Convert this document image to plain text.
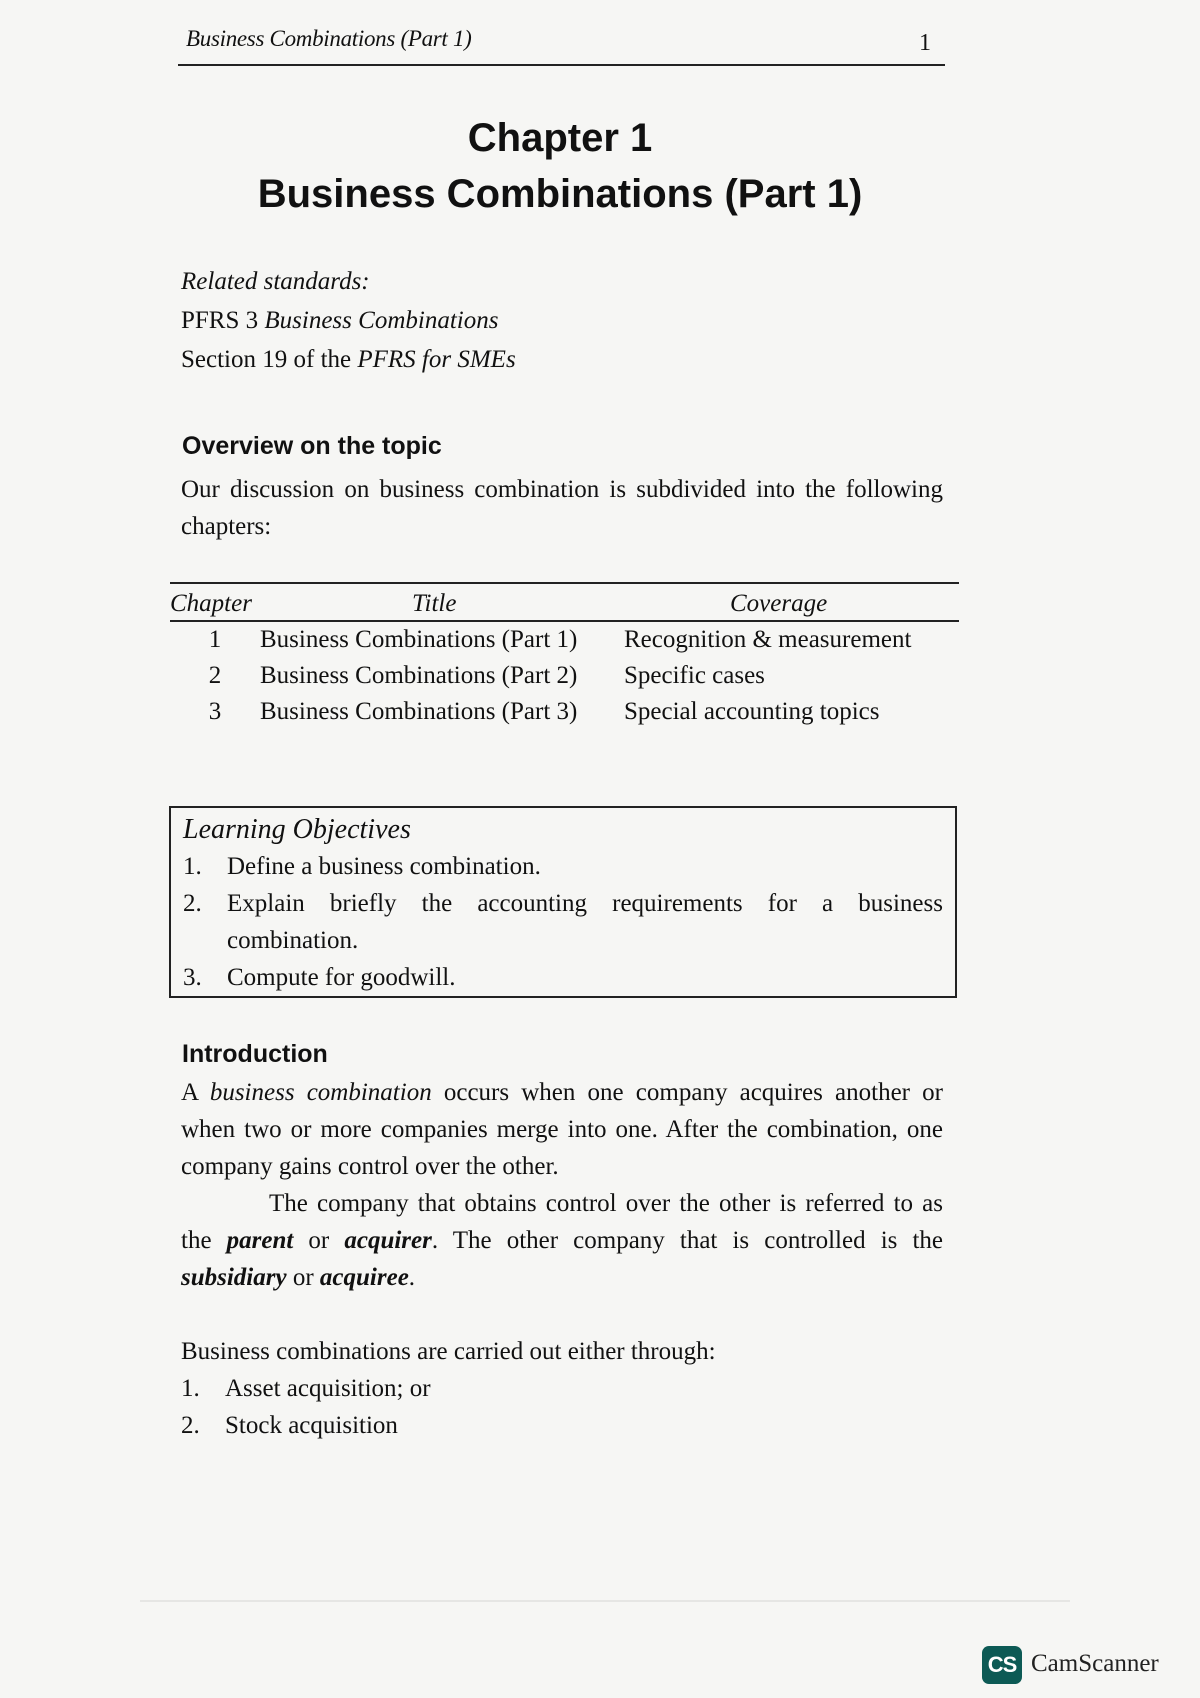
Business Combinations (Part 1)	1
Chapter 1
Business Combinations (Part 1)
Related standards:
PFRS 3 Business Combinations
Section 19 of the PFRS for SMEs
Overview on the topic
Our discussion on business combination is subdivided into the following chapters:
Chapter	Title	Coverage
1	Business Combinations (Part 1)	Recognition & measurement
2	Business Combinations (Part 2)	Specific cases
3	Business Combinations (Part 3)	Special accounting topics
Learning Objectives
1.	Define a business combination.
2.	Explain briefly the accounting requirements for a business combination.
3.	Compute for goodwill.
Introduction
A business combination occurs when one company acquires another or when two or more companies merge into one. After the combination, one company gains control over the other.
The company that obtains control over the other is referred to as the parent or acquirer. The other company that is controlled is the subsidiary or acquiree.
Business combinations are carried out either through:
1.	Asset acquisition; or
2.	Stock acquisition
CS CamScanner
